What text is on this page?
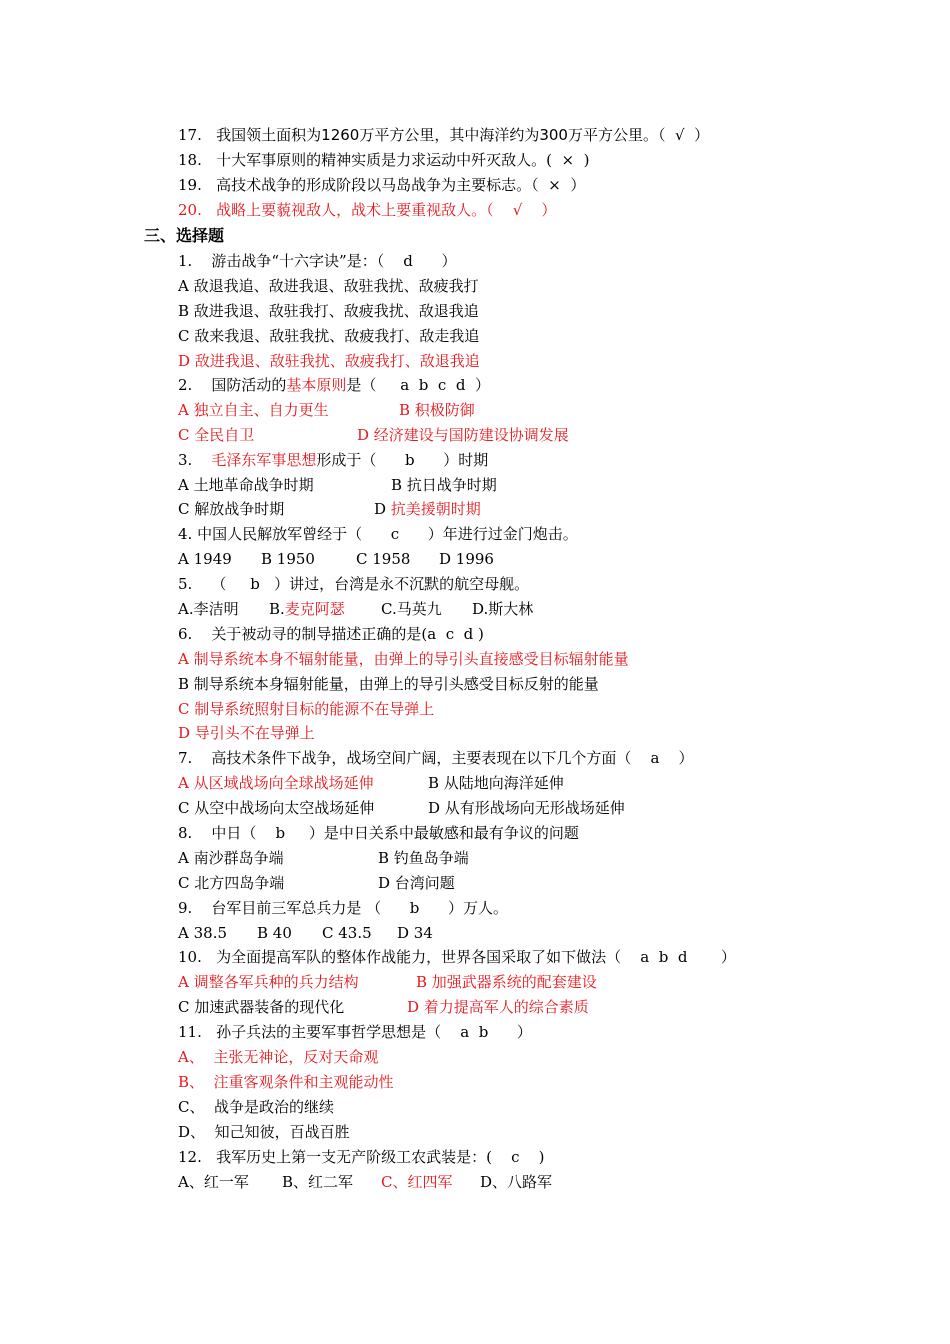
17. 我国领土面积为1260万平方公里，其中海洋约为300万平方公里。（  √  ）
18. 十大军事原则的精神实质是力求运动中歼灭敌人。(  ×  )
19. 高技术战争的形成阶段以马岛战争为主要标志。（  ×  ）
20. 战略上要藐视敌人，战术上要重视敌人。（    √    ）
三、选择题
1. 游击战争“十六字诀”是：（    d      ）
A 敌退我追、敌进我退、敌驻我扰、敌疲我打
B 敌进我退、敌驻我打、敌疲我扰、敌退我追
C 敌来我退、敌驻我扰、敌疲我打、敌走我追
D 敌进我退、敌驻我扰、敌疲我打、敌退我追
2. 国防活动的基本原则是（     a  b  c  d  ）
A 独立自主、自力更生	B 积极防御
C 全民自卫	D 经济建设与国防建设协调发展
3. 毛泽东军事思想形成于（      b      ）时期
A 土地革命战争时期	B 抗日战争时期
C 解放战争时期	D 抗美援朝时期
4. 中国人民解放军曾经于（      c      ）年进行过金门炮击。
A 1949 B 1950	C 1958 D 1996
5. （     b   ）讲过，台湾是永不沉默的航空母舰。
A.李洁明 B.麦克阿瑟 C.马英九 D.斯大林
6. 关于被动寻的制导描述正确的是(a  c  d )
A 制导系统本身不辐射能量，由弹上的导引头直接感受目标辐射能量
B 制导系统本身辐射能量，由弹上的导引头感受目标反射的能量
C 制导系统照射目标的能源不在导弹上
D 导引头不在导弹上
7. 高技术条件下战争，战场空间广阔，主要表现在以下几个方面（    a    ）
A 从区域战场向全球战场延伸	B 从陆地向海洋延伸
C 从空中战场向太空战场延伸	D 从有形战场向无形战场延伸
8. 中日（    b     ）是中日关系中最敏感和最有争议的问题
A 南沙群岛争端	B 钓鱼岛争端
C 北方四岛争端	D 台湾问题
9. 台军目前三军总兵力是 （      b      ）万人。
A 38.5 B 40 C 43.5 D 34
10. 为全面提高军队的整体作战能力，世界各国采取了如下做法（    a  b  d       ）
A 调整各军兵种的兵力结构	B 加强武器系统的配套建设
C 加速武器装备的现代化	D 着力提高军人的综合素质
11. 孙子兵法的主要军事哲学思想是（    a  b      ）
A、  主张无神论，反对天命观
B、  注重客观条件和主观能动性
C、  战争是政治的继续
D、  知己知彼，百战百胜
12. 我军历史上第一支无产阶级工农武装是：(    c    )
A、红一军 B、红二军 C、红四军 D、八路军
